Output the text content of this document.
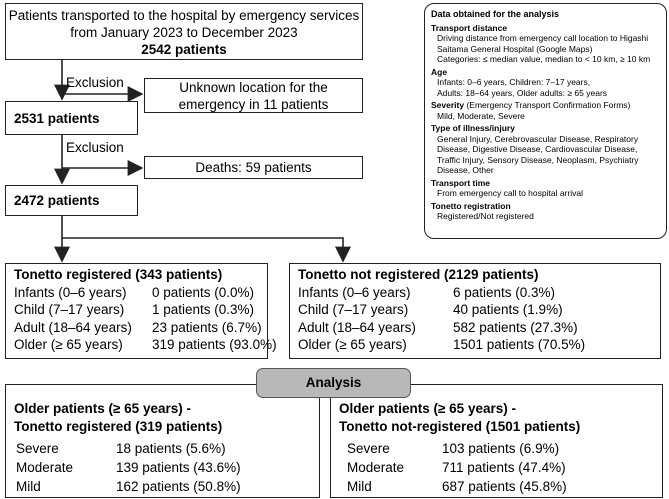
Patients transported to the hospital by emergency services
from January 2023 to December 2023
2542 patients
Exclusion	Unknown location for the
emergency in 11 patients
2531 patients
Exclusion
Deaths: 59 patients
2472 patients
Data obtained for the analysis
Transport distance
Driving distance from emergency call location to Higashi
Saitama General Hospital (Google Maps)
Categories: ≤ median value, median to < 10 km, ≥ 10 km
Age
Infants: 0–6 years, Children: 7–17 years,
Adults: 18–64 years, Older adults: ≥ 65 years
Severity (Emergency Transport Confirmation Forms)
Mild, Moderate, Severe
Type of illness/injury
General Injury, Cerebrovascular Disease, Respiratory
Disease, Digestive Disease, Cardiovascular Disease,
Traffic Injury, Sensory Disease, Neoplasm, Psychiatry
Disease, Other
Transport time
From emergency call to hospital arrival
Tonetto registration
Registered/Not registered
Tonetto registered (343 patients)
Infants (0–6 years)	0 patients (0.0%)
Child (7–17 years)	1 patients (0.3%)
Adult (18–64 years)	23 patients (6.7%)
Older (≥ 65 years)	319 patients (93.0%)
Tonetto not registered (2129 patients)
Infants (0–6 years)	6 patients (0.3%)
Child (7–17 years)	40 patients (1.9%)
Adult (18–64 years)	582 patients (27.3%)
Older (≥ 65 years)	1501 patients (70.5%)
Older patients (≥ 65 years) -
Tonetto registered (319 patients)
Severe	18 patients (5.6%)
Moderate	139 patients (43.6%)
Mild	162 patients (50.8%)
Older patients (≥ 65 years) -
Tonetto not-registered (1501 patients)
Severe	103 patients (6.9%)
Moderate	711 patients (47.4%)
Mild	687 patients (45.8%)
Analysis
